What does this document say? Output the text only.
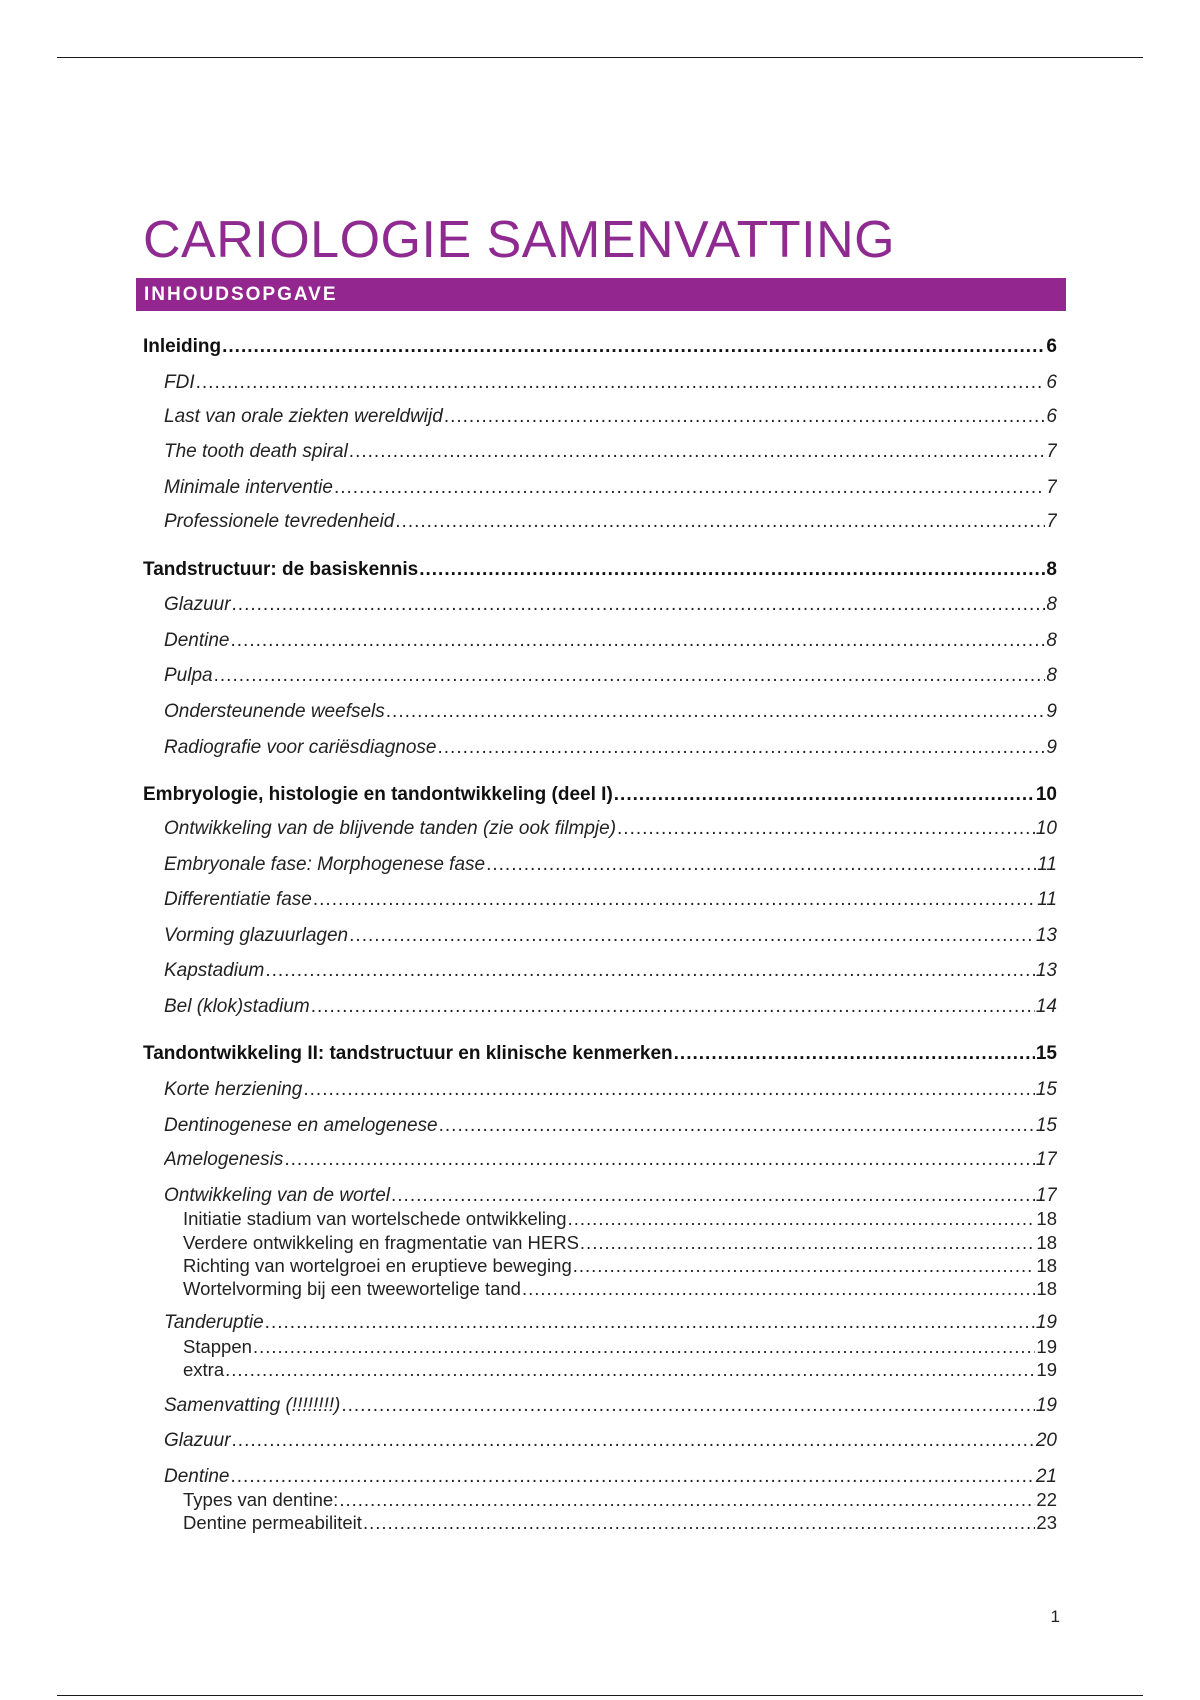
CARIOLOGIE SAMENVATTING
INHOUDSOPGAVE
Inleiding .....	6
FDI .....	6
Last van orale ziekten wereldwijd .....	6
The tooth death spiral .....	7
Minimale interventie .....	7
Professionele tevredenheid .....	7
Tandstructuur: de basiskennis .....	8
Glazuur .....	8
Dentine .....	8
Pulpa .....	8
Ondersteunende weefsels .....	9
Radiografie voor cariësdiagnose .....	9
Embryologie, histologie en tandontwikkeling (deel I) .....	10
Ontwikkeling van de blijvende tanden (zie ook filmpje) .....	10
Embryonale fase: Morphogenese fase .....	11
Differentiatie fase .....	11
Vorming glazuurlagen .....	13
Kapstadium .....	13
Bel (klok)stadium .....	14
Tandontwikkeling II: tandstructuur en klinische kenmerken .....	15
Korte herziening .....	15
Dentinogenese en amelogenese .....	15
Amelogenesis .....	17
Ontwikkeling van de wortel .....	17
Initiatie stadium van wortelschede ontwikkeling .....	18
Verdere ontwikkeling en fragmentatie van HERS .....	18
Richting van wortelgroei en eruptieve beweging .....	18
Wortelvorming bij een tweewortelige tand .....	18
Tanderuptie .....	19
Stappen .....	19
extra .....	19
Samenvatting (!!!!!!!!) .....	19
Glazuur .....	20
Dentine .....	21
Types van dentine: .....	22
Dentine permeabiliteit .....	23
1
